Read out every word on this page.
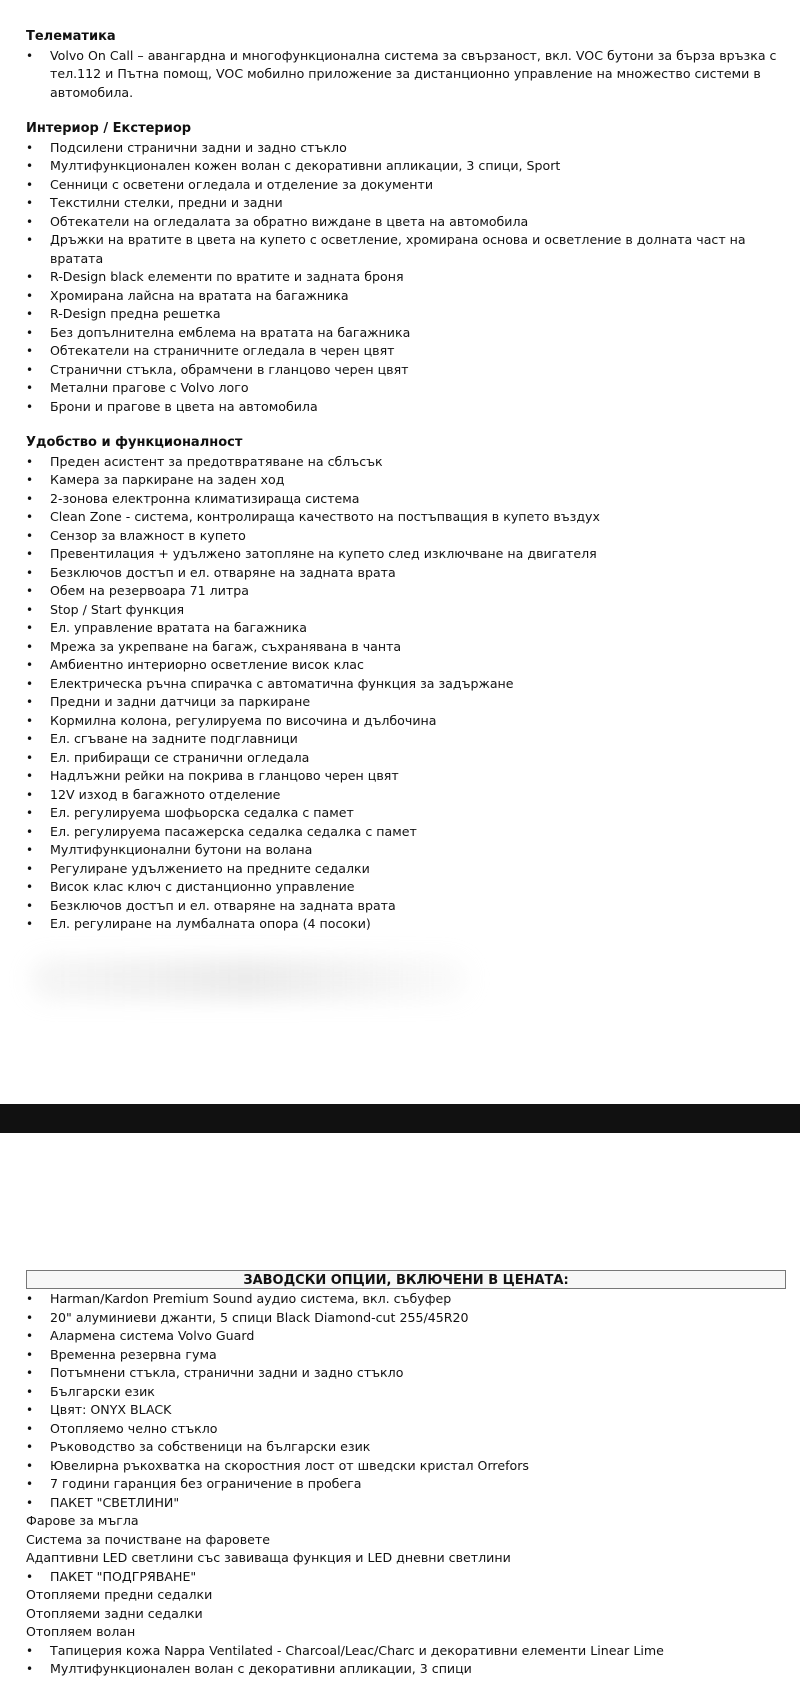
Телематика
• Volvo On Call – авангардна и многофункционална система за свързаност, вкл. VOC бутони за бърза връзка с тел.112 и Пътна помощ, VOC мобилно приложение за дистанционно управление на множество системи в автомобила.
Интериор / Екстериор
• Подсилени странични задни и задно стъкло
• Мултифункционален кожен волан с декоративни апликации, 3 спици, Sport
• Сенници с осветени огледала и отделение за документи
• Текстилни стелки, предни и задни
• Обтекатели на огледалата за обратно виждане в цвета на автомобила
• Дръжки на вратите в цвета на купето с осветление, хромирана основа и осветление в долната част на вратата
• R-Design black елементи по вратите и задната броня
• Хромирана лайсна на вратата на багажника
• R-Design предна решетка
• Без допълнителна емблема на вратата на багажника
• Обтекатели на страничните огледала в черен цвят
• Странични стъкла, обрамчени в гланцово черен цвят
• Метални прагове с Volvo лого
• Брони и прагове в цвета на автомобила
Удобство и функционалност
• Преден асистент за предотвратяване на сблъсък
• Камера за паркиране на заден ход
• 2-зонова електронна климатизираща система
• Clean Zone - система, контролираща качеството на постъпващия в купето въздух
• Сензор за влажност в купето
• Превентилация + удължено затопляне на купето след изключване на двигателя
• Безключов достъп и ел. отваряне на задната врата
• Обем на резервоара 71 литра
• Stop / Start функция
• Ел. управление вратата на багажника
• Мрежа за укрепване на багаж, съхранявана в чанта
• Амбиентно интериорно осветление висок клас
• Електрическа ръчна спирачка с автоматична функция за задържане
• Предни и задни датчици за паркиране
• Кормилна колона, регулируема по височина и дълбочина
• Ел. сгъване на задните подглавници
• Ел. прибиращи се странични огледала
• Надлъжни рейки на покрива в гланцово черен цвят
• 12V изход в багажното отделение
• Ел. регулируема шофьорска седалка с памет
• Ел. регулируема пасажерска седалка седалка с памет
• Мултифункционални бутони на волана
• Регулиране удължението на предните седалки
• Висок клас ключ с дистанционно управление
• Безключов достъп и ел. отваряне на задната врата
• Ел. регулиране на лумбалната опора (4 посоки)
ЗАВОДСКИ ОПЦИИ, ВКЛЮЧЕНИ В ЦЕНАТА:
• Harman/Kardon Premium Sound аудио система, вкл. събуфер
• 20" алуминиеви джанти, 5 спици Black Diamond-cut 255/45R20
• Алармена система Volvo Guard
• Временна резервна гума
• Потъмнени стъкла, странични задни и задно стъкло
• Български език
• Цвят: ONYX BLACK
• Отопляемо челно стъкло
• Ръководство за собственици на български език
• Ювелирна ръкохватка на скоростния лост от шведски кристал Orrefors
• 7 години гаранция без ограничение в пробега
• ПАКЕТ "СВЕТЛИНИ"
Фарове за мъгла
Система за почистване на фаровете
Адаптивни LED светлини със завиваща функция и LED дневни светлини
• ПАКЕТ "ПОДГРЯВАНЕ"
Отопляеми предни седалки
Отопляеми задни седалки
Отопляем волан
• Тапицерия кожа Nappa Ventilated - Charcoal/Leac/Charc и декоративни елементи Linear Lime
• Мултифункционален волан с декоративни апликации, 3 спици
